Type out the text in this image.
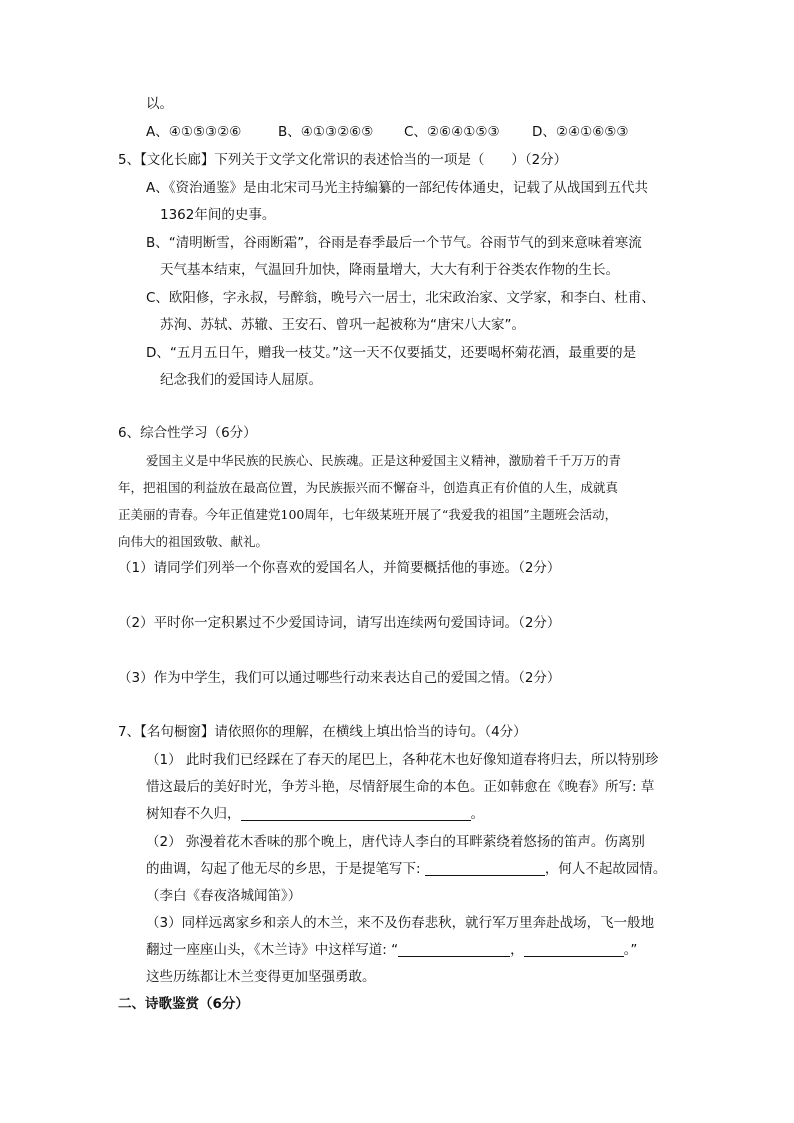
以。
A、④①⑤③②⑥	B、④①③②⑥⑤ C、②⑥④①⑤③ D、②④①⑥⑤③
5、【文化长廊】下列关于文学文化常识的表述恰当的一项是（　　）（2分）
A、《资治通鉴》是由北宋司马光主持编纂的一部纪传体通史，记载了从战国到五代共
1362年间的史事。
B、“清明断雪，谷雨断霜”，谷雨是春季最后一个节气。谷雨节气的到来意味着寒流
天气基本结束，气温回升加快，降雨量增大，大大有利于谷类农作物的生长。
C、欧阳修，字永叔，号醉翁，晚号六一居士，北宋政治家、文学家，和李白、杜甫、
苏洵、苏轼、苏辙、王安石、曾巩一起被称为“唐宋八大家”。
D、“五月五日午，赠我一枝艾。”这一天不仅要插艾，还要喝杯菊花酒，最重要的是
纪念我们的爱国诗人屈原。
6、综合性学习（6分）
爱国主义是中华民族的民族心、民族魂。正是这种爱国主义精神，激励着千千万万的青
年，把祖国的利益放在最高位置，为民族振兴而不懈奋斗，创造真正有价值的人生，成就真
正美丽的青春。今年正值建党100周年，七年级某班开展了“我爱我的祖国”主题班会活动，
向伟大的祖国致敬、献礼。
（1）请同学们列举一个你喜欢的爱国名人，并简要概括他的事迹。（2分）
（2）平时你一定积累过不少爱国诗词，请写出连续两句爱国诗词。（2分）
（3）作为中学生，我们可以通过哪些行动来表达自己的爱国之情。（2分）
7、【名句橱窗】请依照你的理解，在横线上填出恰当的诗句。（4分）
（1） 此时我们已经踩在了春天的尾巴上，各种花木也好像知道春将归去，所以特别珍
惜这最后的美好时光，争芳斗艳，尽情舒展生命的本色。正如韩愈在《晚春》所写: 草
树知春不久归，	。
（2） 弥漫着花木香味的那个晚上，唐代诗人李白的耳畔萦绕着悠扬的笛声。伤离别
的曲调，勾起了他无尽的乡思，于是提笔写下:	，何人不起故园情。
（李白《春夜洛城闻笛》）
（3）同样远离家乡和亲人的木兰，来不及伤春悲秋，就行军万里奔赴战场，飞一般地
翻过一座座山头，《木兰诗》中这样写道: “	，	。”
这些历练都让木兰变得更加坚强勇敢。
二、诗歌鉴赏（6分）
